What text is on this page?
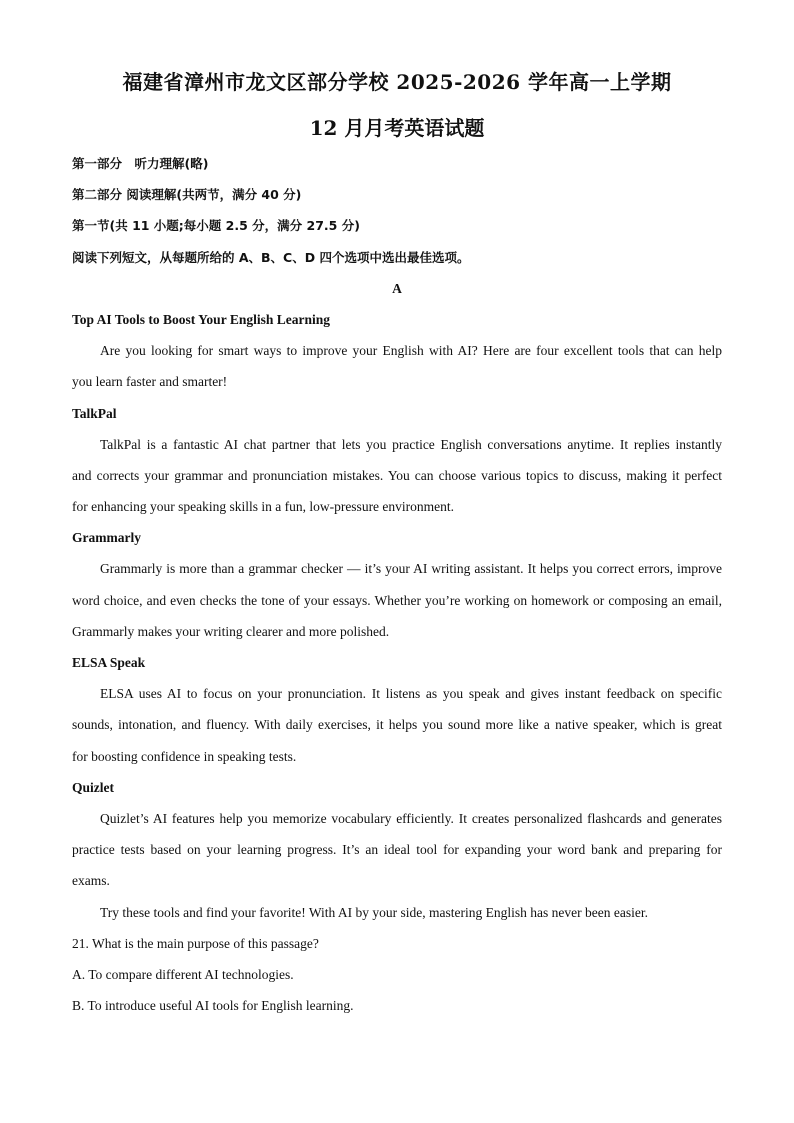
福建省漳州市龙文区部分学校 2025-2026 学年高一上学期
12 月月考英语试题
第一部分　听力理解(略)
第二部分 阅读理解(共两节，满分 40 分)
第一节(共 11 小题;每小题 2.5 分，满分 27.5 分)
阅读下列短文，从每题所给的 A、B、C、D 四个选项中选出最佳选项。
A
Top AI Tools to Boost Your English Learning
Are you looking for smart ways to improve your English with AI? Here are four excellent tools that can help
you learn faster and smarter!
TalkPal
TalkPal is a fantastic AI chat partner that lets you practice English conversations anytime. It replies instantly
and corrects your grammar and pronunciation mistakes. You can choose various topics to discuss, making it perfect
for enhancing your speaking skills in a fun, low-pressure environment.
Grammarly
Grammarly is more than a grammar checker — it’s your AI writing assistant. It helps you correct errors, improve
word choice, and even checks the tone of your essays. Whether you’re working on homework or composing an email,
Grammarly makes your writing clearer and more polished.
ELSA Speak
ELSA uses AI to focus on your pronunciation. It listens as you speak and gives instant feedback on specific
sounds, intonation, and fluency. With daily exercises, it helps you sound more like a native speaker, which is great
for boosting confidence in speaking tests.
Quizlet
Quizlet’s AI features help you memorize vocabulary efficiently. It creates personalized flashcards and generates
practice tests based on your learning progress. It’s an ideal tool for expanding your word bank and preparing for
exams.
Try these tools and find your favorite! With AI by your side, mastering English has never been easier.
21. What is the main purpose of this passage?
A. To compare different AI technologies.
B. To introduce useful AI tools for English learning.
